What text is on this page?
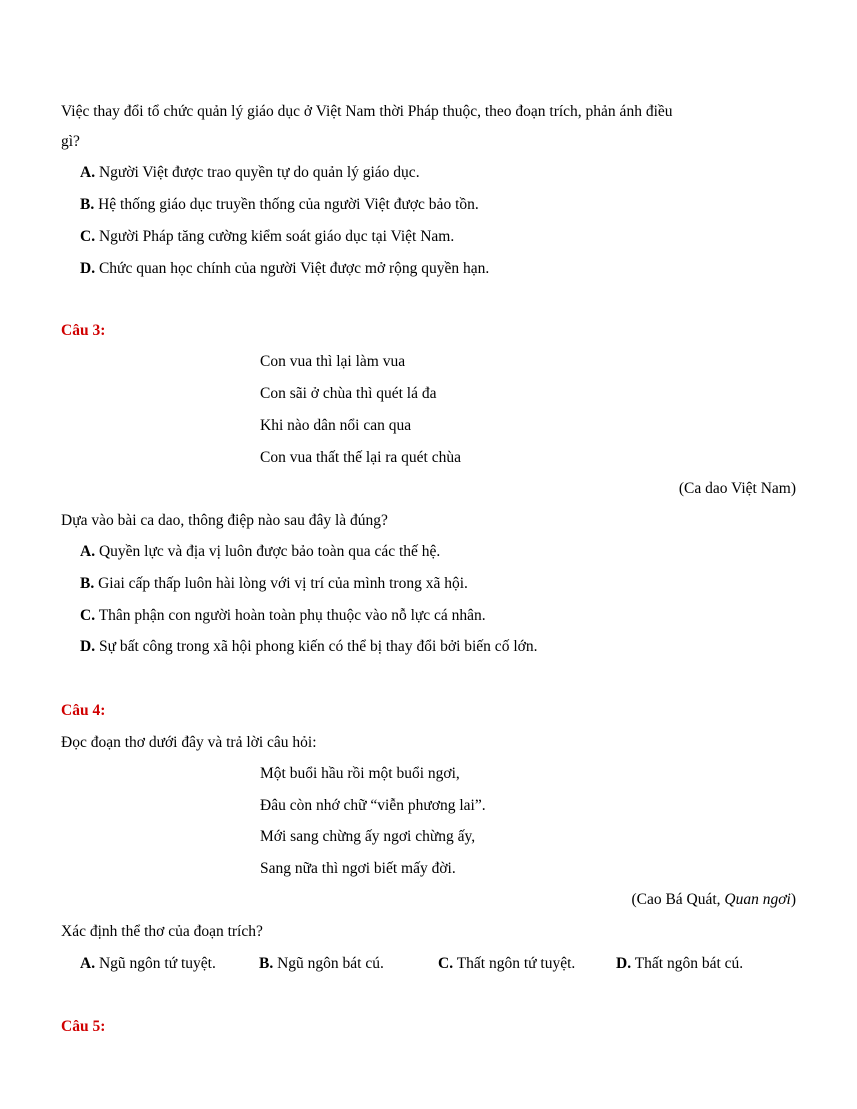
Việc thay đổi tổ chức quản lý giáo dục ở Việt Nam thời Pháp thuộc, theo đoạn trích, phản ánh điều
gì?
A. Người Việt được trao quyền tự do quản lý giáo dục.
B. Hệ thống giáo dục truyền thống của người Việt được bảo tồn.
C. Người Pháp tăng cường kiểm soát giáo dục tại Việt Nam.
D. Chức quan học chính của người Việt được mở rộng quyền hạn.
Câu 3:
Con vua thì lại làm vua
Con sãi ở chùa thì quét lá đa
Khi nào dân nổi can qua
Con vua thất thế lại ra quét chùa
(Ca dao Việt Nam)
Dựa vào bài ca dao, thông điệp nào sau đây là đúng?
A. Quyền lực và địa vị luôn được bảo toàn qua các thế hệ.
B. Giai cấp thấp luôn hài lòng với vị trí của mình trong xã hội.
C. Thân phận con người hoàn toàn phụ thuộc vào nỗ lực cá nhân.
D. Sự bất công trong xã hội phong kiến có thể bị thay đổi bởi biến cố lớn.
Câu 4:
Đọc đoạn thơ dưới đây và trả lời câu hỏi:
Một buổi hầu rồi một buổi ngơi,
Đâu còn nhớ chữ “viễn phương lai”.
Mới sang chừng ấy ngơi chừng ấy,
Sang nữa thì ngơi biết mấy đời.
(Cao Bá Quát, Quan ngơi)
Xác định thể thơ của đoạn trích?
A. Ngũ ngôn tứ tuyệt.	B. Ngũ ngôn bát cú.	C. Thất ngôn tứ tuyệt.	D. Thất ngôn bát cú.
Câu 5:
